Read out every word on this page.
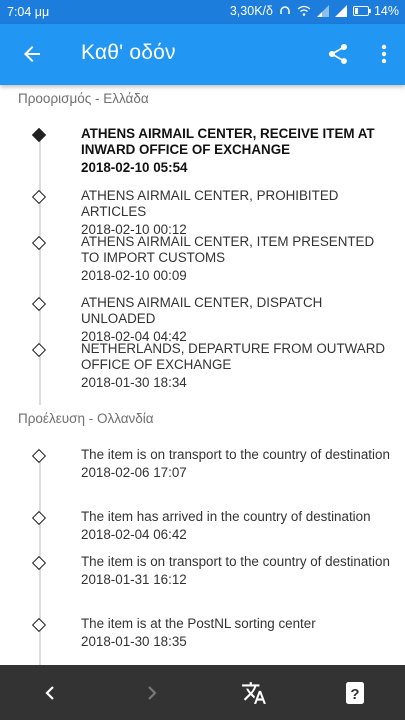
7:04 μμ	3,30K/δ	14%
Καθ' οδόν
Προορισμός - Ελλάδα
ATHENS AIRMAIL CENTER, RECEIVE ITEM AT INWARD OFFICE OF EXCHANGE
2018-02-10 05:54
ATHENS AIRMAIL CENTER, PROHIBITED ARTICLES
2018-02-10 00:12
ATHENS AIRMAIL CENTER, ITEM PRESENTED TO IMPORT CUSTOMS
2018-02-10 00:09
ATHENS AIRMAIL CENTER, DISPATCH UNLOADED
2018-02-04 04:42
NETHERLANDS, DEPARTURE FROM OUTWARD OFFICE OF EXCHANGE
2018-01-30 18:34
Προέλευση - Ολλανδία
The item is on transport to the country of destination
2018-02-06 17:07
The item has arrived in the country of destination
2018-02-04 06:42
The item is on transport to the country of destination
2018-01-31 16:12
The item is at the PostNL sorting center
2018-01-30 18:35
?
